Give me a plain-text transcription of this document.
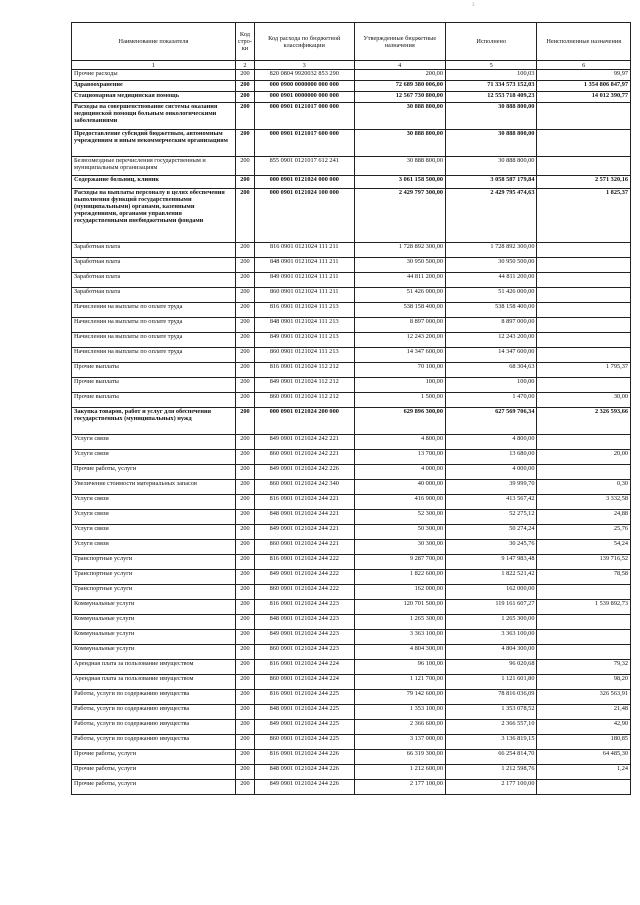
3
Наименование показателя	Код стро-ки	Код расхода по бюджетной классификации	Утвержденные бюджетные назначения	Исполнено	Неисполненные назначения
1	2	3	4	5	6
Прочие расходы	200	820 0804 9920032 853 290	200,00	100,03	99,97
Здравоохранение	200	000 0900 0000000 000 000	72 689 380 006,00	71 334 573 152,03	1 354 806 847,97
Стационарная медицинская помощь	200	000 0901 0000000 000 000	12 567 730 800,00	12 553 718 409,23	14 012 390,77
Расходы на совершенствование системы оказания медицинской помощи больным онкологическими заболеваниями	200	000 0901 0121017 000 000	30 888 800,00	30 888 800,00	
Предоставление субсидий бюджетным, автономным учреждениям и иным некоммерческим организациям	200	000 0901 0121017 600 000	30 888 800,00	30 888 800,00	
Безвозмездные перечисления государственным и муниципальным организациям	200	855 0901 0121017 612 241	30 888 800,00	30 888 800,00	
Содержание больниц, клиник	200	000 0901 0121024 000 000	3 061 158 500,00	3 058 587 179,84	2 571 320,16
Расходы на выплаты персоналу в целях обеспечения выполнения функций государственными (муниципальными) органами, казенными учреждениями, органами управления государственными внебюджетными фондами	200	000 0901 0121024 100 000	2 429 797 300,00	2 429 795 474,63	1 825,37
Заработная плата	200	816 0901 0121024 111 211	1 728 892 300,00	1 728 892 300,00	
Заработная плата	200	848 0901 0121024 111 211	30 950 500,00	30 950 500,00	
Заработная плата	200	849 0901 0121024 111 211	44 811 200,00	44 811 200,00	
Заработная плата	200	860 0901 0121024 111 211	51 426 000,00	51 426 000,00	
Начисления на выплаты по оплате труда	200	816 0901 0121024 111 213	538 158 400,00	538 158 400,00	
Начисления на выплаты по оплате труда	200	848 0901 0121024 111 213	8 897 000,00	8 897 000,00	
Начисления на выплаты по оплате труда	200	849 0901 0121024 111 213	12 243 200,00	12 243 200,00	
Начисления на выплаты по оплате труда	200	860 0901 0121024 111 213	14 347 600,00	14 347 600,00	
Прочие выплаты	200	816 0901 0121024 112 212	70 100,00	68 304,63	1 795,37
Прочие выплаты	200	849 0901 0121024 112 212	100,00	100,00	
Прочие выплаты	200	860 0901 0121024 112 212	1 500,00	1 470,00	30,00
Закупка товаров, работ и услуг для обеспечения государственных (муниципальных) нужд	200	000 0901 0121024 200 000	629 896 300,00	627 569 706,34	2 326 593,66
Услуги связи	200	849 0901 0121024 242 221	4 800,00	4 800,00	
Услуги связи	200	860 0901 0121024 242 221	13 700,00	13 680,00	20,00
Прочие работы, услуги	200	849 0901 0121024 242 226	4 000,00	4 000,00	
Увеличение стоимости материальных запасов	200	860 0901 0121024 242 340	40 000,00	39 999,70	0,30
Услуги связи	200	816 0901 0121024 244 221	416 900,00	413 567,42	3 332,58
Услуги связи	200	848 0901 0121024 244 221	52 300,00	52 275,12	24,88
Услуги связи	200	849 0901 0121024 244 221	50 300,00	50 274,24	25,76
Услуги связи	200	860 0901 0121024 244 221	30 300,00	30 245,76	54,24
Транспортные услуги	200	816 0901 0121024 244 222	9 287 700,00	9 147 983,48	139 716,52
Транспортные услуги	200	849 0901 0121024 244 222	1 822 600,00	1 822 521,42	78,58
Транспортные услуги	200	860 0901 0121024 244 222	162 000,00	162 000,00	
Коммунальные услуги	200	816 0901 0121024 244 223	120 701 500,00	119 161 607,27	1 539 892,73
Коммунальные услуги	200	848 0901 0121024 244 223	1 265 300,00	1 265 300,00	
Коммунальные услуги	200	849 0901 0121024 244 223	3 363 100,00	3 363 100,00	
Коммунальные услуги	200	860 0901 0121024 244 223	4 804 300,00	4 804 300,00	
Арендная плата за пользование имуществом	200	816 0901 0121024 244 224	96 100,00	96 020,68	79,32
Арендная плата за пользование имуществом	200	860 0901 0121024 244 224	1 121 700,00	1 121 601,80	98,20
Работы, услуги по содержанию имущества	200	816 0901 0121024 244 225	79 142 600,00	78 816 036,09	326 563,91
Работы, услуги по содержанию имущества	200	848 0901 0121024 244 225	1 353 100,00	1 353 078,52	21,48
Работы, услуги по содержанию имущества	200	849 0901 0121024 244 225	2 366 600,00	2 366 557,10	42,90
Работы, услуги по содержанию имущества	200	860 0901 0121024 244 225	3 137 000,00	3 136 819,15	180,85
Прочие работы, услуги	200	816 0901 0121024 244 226	66 319 300,00	66 254 814,70	64 485,30
Прочие работы, услуги	200	848 0901 0121024 244 226	1 212 600,00	1 212 598,76	1,24
Прочие работы, услуги	200	849 0901 0121024 244 226	2 177 100,00	2 177 100,00	
